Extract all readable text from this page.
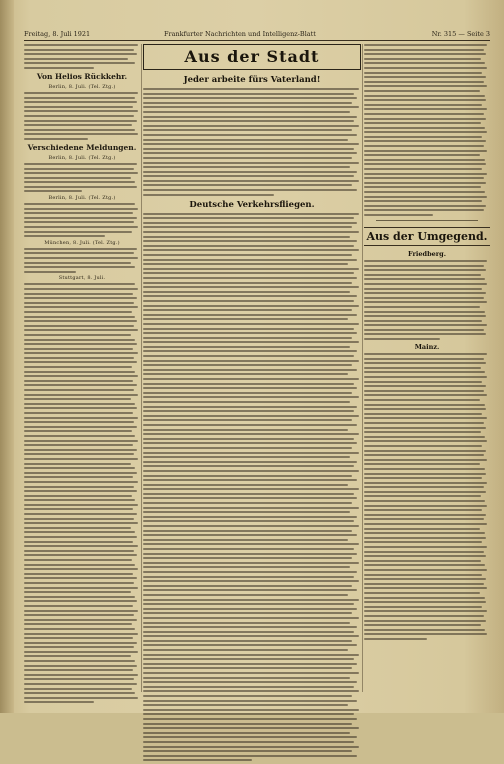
Freitag, 8. Juli 1921	Frankfurter Nachrichten und Intelligenz-Blatt	Nr. 315 — Seite 3
Von Helios Rückkehr.
Berlin, 8. Juli. (Tel. Ztg.)
Verschiedene Meldungen.
Berlin, 8. Juli. (Tel. Ztg.)
Berlin, 8. Juli. (Tel. Ztg.)
München, 8. Juli. (Tel. Ztg.)
Stuttgart, 8. Juli.
Aus der Stadt
Jeder arbeite fürs Vaterland!
Deutsche Verkehrsfliegen.
Aus der Umgegend.
Friedberg.
Mainz.
